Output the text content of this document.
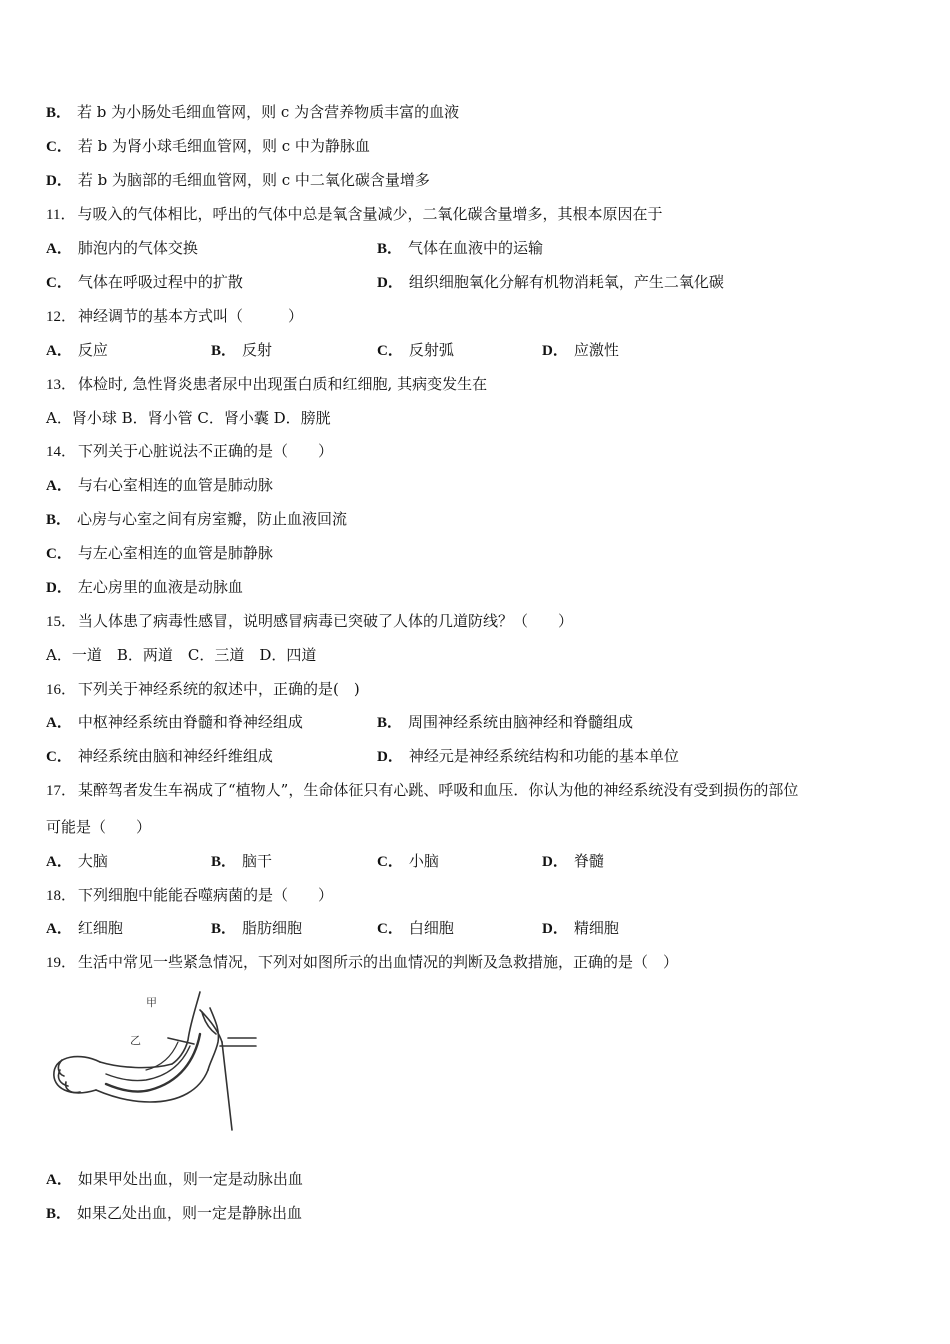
B． 若 b 为小肠处毛细血管网，则 c 为含营养物质丰富的血液
C． 若 b 为肾小球毛细血管网，则 c 中为静脉血
D． 若 b 为脑部的毛细血管网，则 c 中二氧化碳含量增多
11． 与吸入的气体相比，呼出的气体中总是氧含量减少，二氧化碳含量增多，其根本原因在于
A． 肺泡内的气体交换	B． 气体在血液中的运输
C． 气体在呼吸过程中的扩散	D． 组织细胞氧化分解有机物消耗氧，产生二氧化碳
12． 神经调节的基本方式叫（　　　）
A． 反应	B． 反射	C． 反射弧	D． 应激性
13． 体检时, 急性肾炎患者尿中出现蛋白质和红细胞, 其病变发生在
A．肾小球 B．肾小管 C．肾小囊 D．膀胱
14． 下列关于心脏说法不正确的是（　　）
A． 与右心室相连的血管是肺动脉
B． 心房与心室之间有房室瓣，防止血液回流
C． 与左心室相连的血管是肺静脉
D． 左心房里的血液是动脉血
15． 当人体患了病毒性感冒，说明感冒病毒已突破了人体的几道防线？（　　）
A．一道　B．两道　C．三道　D．四道
16． 下列关于神经系统的叙述中，正确的是(　)
A． 中枢神经系统由脊髓和脊神经组成	B． 周围神经系统由脑神经和脊髓组成
C． 神经系统由脑和神经纤维组成	D． 神经元是神经系统结构和功能的基本单位
17． 某醉驾者发生车祸成了“植物人”，生命体征只有心跳、呼吸和血压．你认为他的神经系统没有受到损伤的部位
可能是（　　）
A． 大脑	B． 脑干	C． 小脑	D． 脊髓
18． 下列细胞中能能吞噬病菌的是（　　）
A． 红细胞	B． 脂肪细胞	C． 白细胞	D． 精细胞
19． 生活中常见一些紧急情况，下列对如图所示的出血情况的判断及急救措施，正确的是（　）
甲
乙
A． 如果甲处出血，则一定是动脉出血
B． 如果乙处出血，则一定是静脉出血
